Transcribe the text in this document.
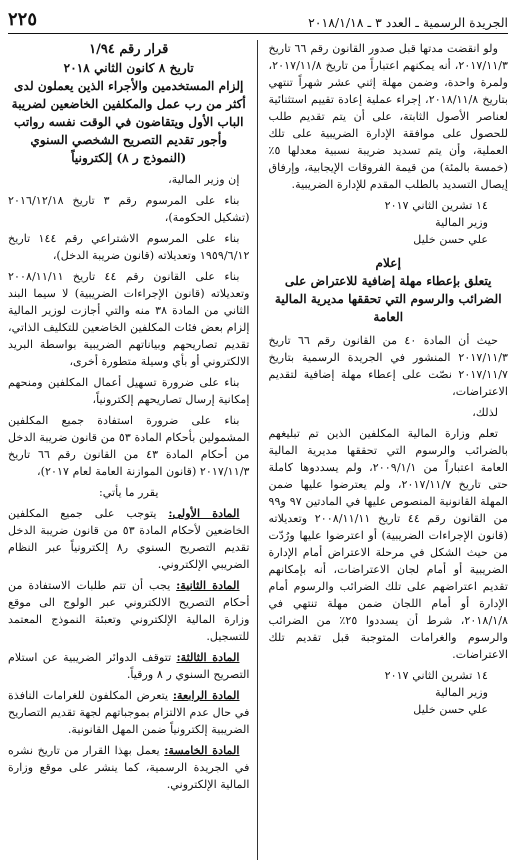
الجريدة الرسمية ـ العدد ٣ ـ ٢٠١٨/١/١٨
٢٢٥

ولو انقضت مدتها قبل صدور القانون رقم ٦٦ تاريخ ٢٠١٧/١١/٣، أنه يمكنهم اعتباراً من تاريخ ٢٠١٧/١١/٨، ولمرة واحدة، وضمن مهلة إثني عشر شهراً تنتهي بتاريخ ٢٠١٨/١١/٨، إجراء عملية إعادة تقييم استثنائية لعناصر الأصول الثابتة، على أن يتم تقديم طلب للحصول على موافقة الإدارة الضريبية على تلك العملية، وأن يتم تسديد ضريبة نسبية معدلها ٥٪ (خمسة بالمئة) من قيمة الفروقات الإيجابية، وإرفاق إيصال التسديد بالطلب المقدم للإدارة الضريبية.

١٤ تشرين الثاني ٢٠١٧
وزير المالية
علي حسن خليل

إعلام

يتعلق بإعطاء مهلة إضافية للاعتراض على الضرائب والرسوم التي تحققها مديرية المالية العامة

حيث أن المادة ٤٠ من القانون رقم ٦٦ تاريخ ٢٠١٧/١١/٣ المنشور في الجريدة الرسمية بتاريخ ٢٠١٧/١١/٧ نصّت على إعطاء مهلة إضافية لتقديم الاعتراضات،

لذلك،

تعلم وزارة المالية المكلفين الذين تم تبليغهم بالضرائب والرسوم التي تحققها مديرية المالية العامة اعتباراً من ٢٠٠٩/١/١، ولم يسددوها كاملة حتى تاريخ ٢٠١٧/١١/٧، ولم يعترضوا عليها ضمن المهلة القانونية المنصوص عليها في المادتين ٩٧ و٩٩ من القانون رقم ٤٤ تاريخ ٢٠٠٨/١١/١١ وتعديلاته (قانون الإجراءات الضريبية) أو اعترضوا عليها ورُدّت من حيث الشكل في مرحلة الاعتراض أمام الإدارة الضريبية أو أمام لجان الاعتراضات، أنه بإمكانهم تقديم اعتراضهم على تلك الضرائب والرسوم أمام الإدارة أو أمام اللجان ضمن مهلة تنتهي في ٢٠١٨/١/٨، شرط أن يسددوا ٢٥٪ من الضرائب والرسوم والغرامات المتوجبة قبل تقديم تلك الاعتراضات.

١٤ تشرين الثاني ٢٠١٧
وزير المالية
علي حسن خليل

قرار رقم ١/٩٤

تاريخ ٨ كانون الثاني ٢٠١٨

إلزام المستخدمين والأجراء الذين يعملون لدى أكثر من رب عمل والمكلفين الخاضعين لضريبة الباب الأول ويتقاضون في الوقت نفسه رواتب وأجور تقديم التصريح الشخصي السنوي (النموذج ر ٨) إلكترونياً

إن وزير المالية،

بناء على المرسوم رقم ٣ تاريخ ٢٠١٦/١٢/١٨ (تشكيل الحكومة)،

بناء على المرسوم الاشتراعي رقم ١٤٤ تاريخ ١٩٥٩/٦/١٢ وتعديلاته (قانون ضريبة الدخل)،

بناء على القانون رقم ٤٤ تاريخ ٢٠٠٨/١١/١١ وتعديلاته (قانون الإجراءات الضريبية) لا سيما البند الثاني من المادة ٣٨ منه والتي أجازت لوزير المالية إلزام بعض فئات المكلفين الخاضعين للتكليف الذاتي، تقديم تصاريحهم وبياناتهم الضريبية بواسطة البريد الالكتروني أو بأي وسيلة متطورة أخرى،

بناء على ضرورة تسهيل أعمال المكلفين ومنحهم إمكانية إرسال تصاريحهم إلكترونياً،

بناء على ضرورة استفادة جميع المكلفين المشمولين بأحكام المادة ٥٣ من قانون ضريبة الدخل من أحكام المادة ٤٣ من القانون رقم ٦٦ تاريخ ٢٠١٧/١١/٣ (قانون الموازنة العامة لعام ٢٠١٧)،

يقرر ما يأتي:

المادة الأولى: يتوجب على جميع المكلفين الخاضعين لأحكام المادة ٥٣ من قانون ضريبة الدخل تقديم التصريح السنوي ر٨ إلكترونياً عبر النظام الضريبي الإلكتروني.

المادة الثانية: يجب أن تتم طلبات الاستفادة من أحكام التصريح الالكتروني عبر الولوج الى موقع وزارة المالية الإلكتروني وتعبئة النموذج المعتمد للتسجيل.

المادة الثالثة: تتوقف الدوائر الضريبية عن استلام التصريح السنوي ر ٨ ورقياً.

المادة الرابعة: يتعرض المكلفون للغرامات النافذة في حال عدم الالتزام بموجباتهم لجهة تقديم التصاريح الضريبية إلكترونياً ضمن المهل القانونية.

المادة الخامسة: يعمل بهذا القرار من تاريخ نشره في الجريدة الرسمية، كما ينشر على موقع وزارة المالية الإلكتروني.
